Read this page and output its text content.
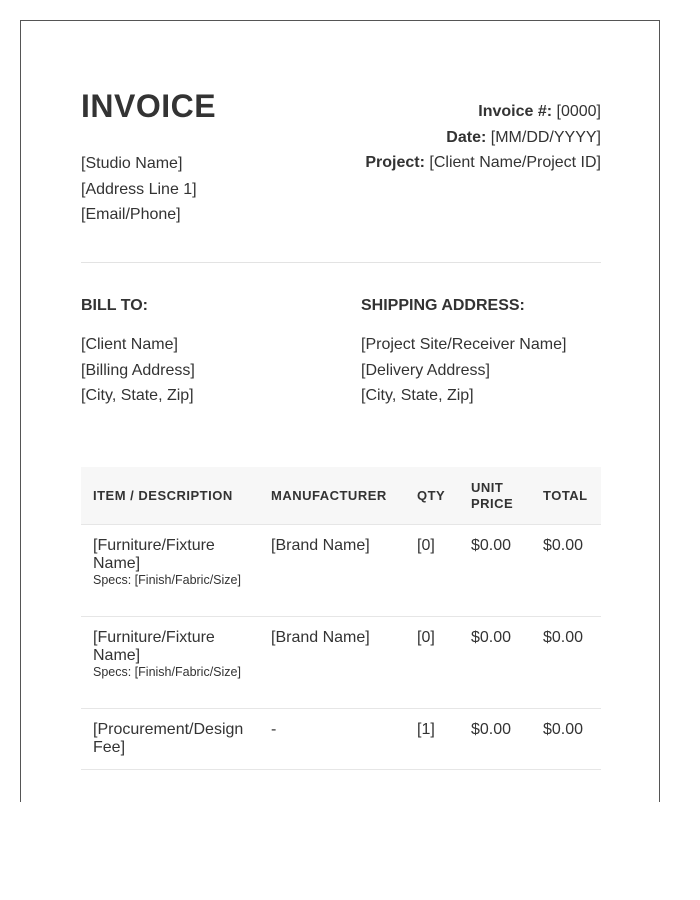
INVOICE
[Studio Name]
[Address Line 1]
[Email/Phone]
Invoice #: [0000]
Date: [MM/DD/YYYY]
Project: [Client Name/Project ID]
BILL TO:
[Client Name]
[Billing Address]
[City, State, Zip]
SHIPPING ADDRESS:
[Project Site/Receiver Name]
[Delivery Address]
[City, State, Zip]
ITEM / DESCRIPTION	MANUFACTURER	QTY	UNIT PRICE	TOTAL

[Furniture/Fixture Name]
Specs: [Finish/Fabric/Size]	[Brand Name]	[0]	$0.00	$0.00

[Furniture/Fixture Name]
Specs: [Finish/Fabric/Size]	[Brand Name]	[0]	$0.00	$0.00

[Procurement/Design Fee]	-	[1]	$0.00	$0.00
